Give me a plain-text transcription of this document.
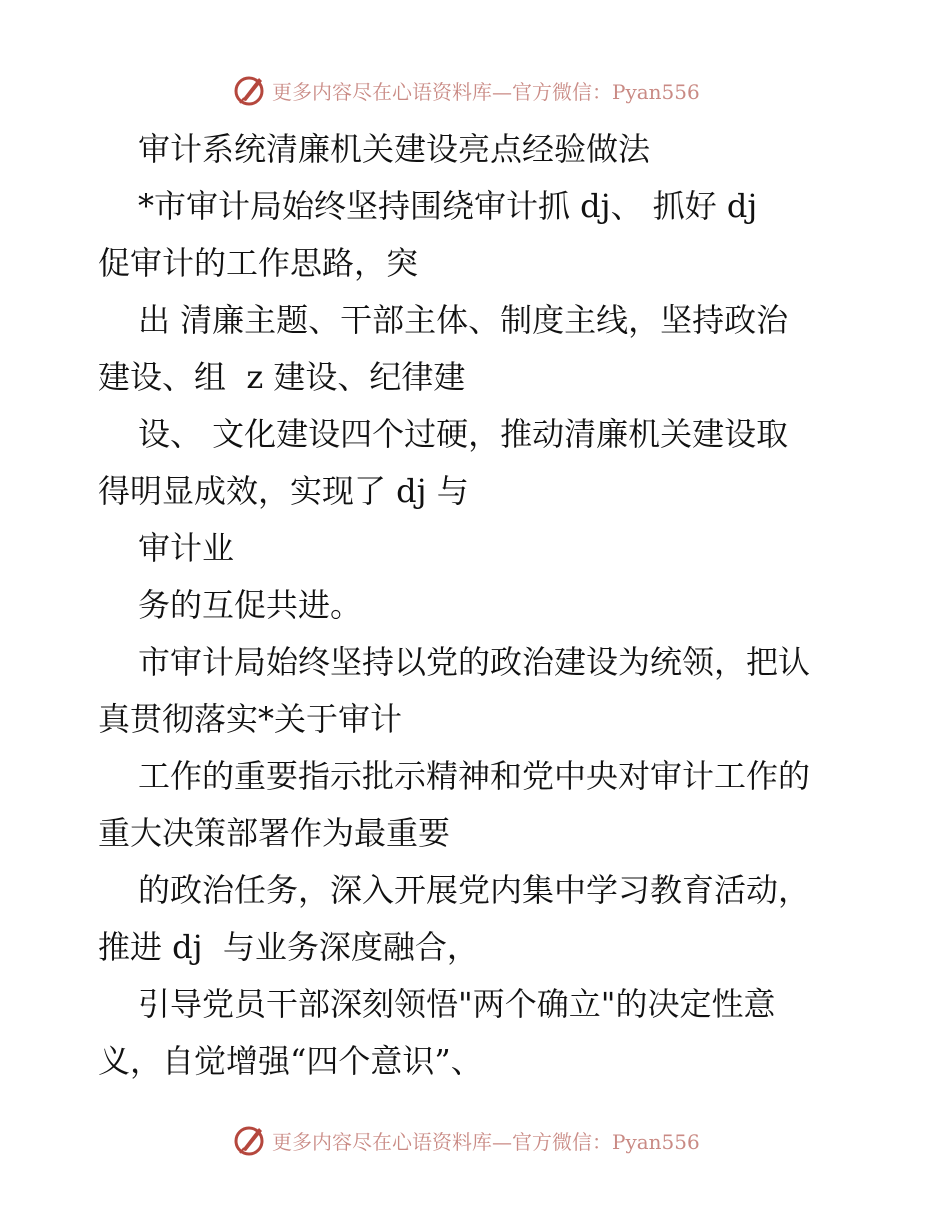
更多内容尽在心语资料库—官方微信：Pyan556
审计系统清廉机关建设亮点经验做法
*市审计局始终坚持围绕审计抓 dj、 抓好 dj
促审计的工作思路，突
出 清廉主题、干部主体、制度主线，坚持政治
建设、组  z 建设、纪律建
设、 文化建设四个过硬，推动清廉机关建设取
得明显成效，实现了 dj 与
审计业
务的互促共进。
市审计局始终坚持以党的政治建设为统领，把认
真贯彻落实*关于审计
工作的重要指示批示精神和党中央对审计工作的
重大决策部署作为最重要
的政治任务，深入开展党内集中学习教育活动，
推进 dj  与业务深度融合，
引导党员干部深刻领悟"两个确立"的决定性意
义，自觉增强“四个意识”、
更多内容尽在心语资料库—官方微信：Pyan556
